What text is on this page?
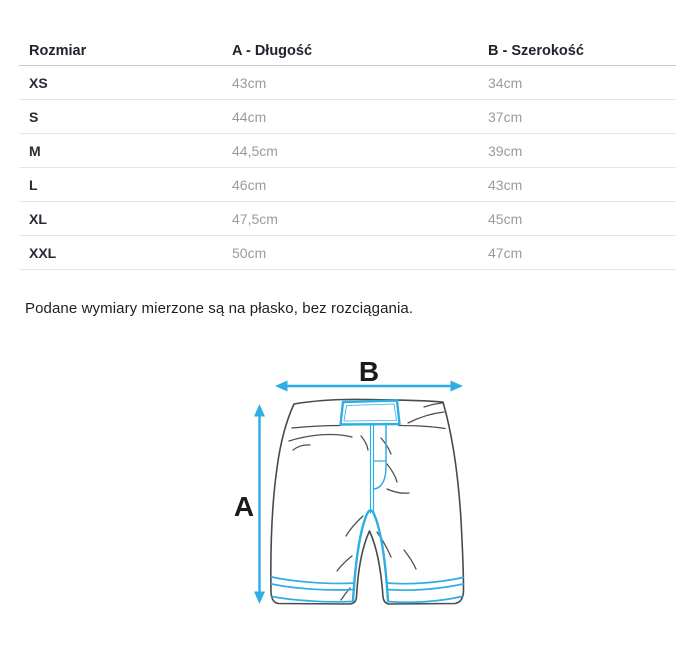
Rozmiar	A - Długość	B - Szerokość
XS	43cm	34cm
S	44cm	37cm
M	44,5cm	39cm
L	46cm	43cm
XL	47,5cm	45cm
XXL	50cm	47cm
Podane wymiary mierzone są na płasko, bez rozciągania.
B
A
